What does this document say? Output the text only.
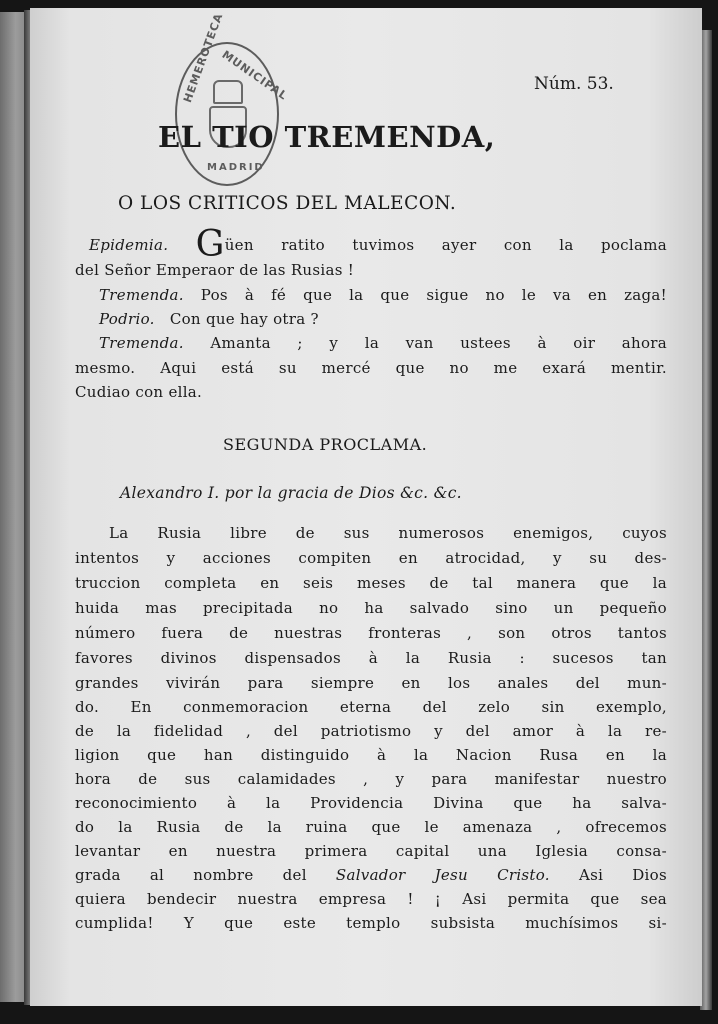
HEMEROTECA
MUNICIPAL
MADRID
Núm. 53.
EL TIO TREMENDA,
O LOS CRITICOS DEL MALECON.
Epidemia. Güen ratito tuvimos ayer con la poclama
del Señor Emperaor de las Rusias !
Tremenda. Pos à fé que la que sigue no le va en zaga!
Podrio. Con que hay otra ?
Tremenda. Amanta ; y la van ustees à oir ahora
mesmo. Aqui está su mercé que no me exará mentir.
Cudiao con ella.
SEGUNDA PROCLAMA.
Alexandro I. por la gracia de Dios &c. &c.
La Rusia libre de sus numerosos enemigos, cuyos
intentos y acciones compiten en atrocidad, y su des-
truccion completa en seis meses de tal manera que la
huida mas precipitada no ha salvado sino un pequeño
número fuera de nuestras fronteras , son otros tantos
favores divinos dispensados à la Rusia : sucesos tan
grandes vivirán para siempre en los anales del mun-
do. En conmemoracion eterna del zelo sin exemplo,
de la fidelidad , del patriotismo y del amor à la re-
ligion que han distinguido à la Nacion Rusa en la
hora de sus calamidades , y para manifestar nuestro
reconocimiento à la Providencia Divina que ha salva-
do la Rusia de la ruina que le amenaza , ofrecemos
levantar en nuestra primera capital una Iglesia consa-
grada al nombre del Salvador Jesu Cristo. Asi Dios
quiera bendecir nuestra empresa ! ¡ Asi permita que sea
cumplida! Y que este templo subsista muchísimos si-
